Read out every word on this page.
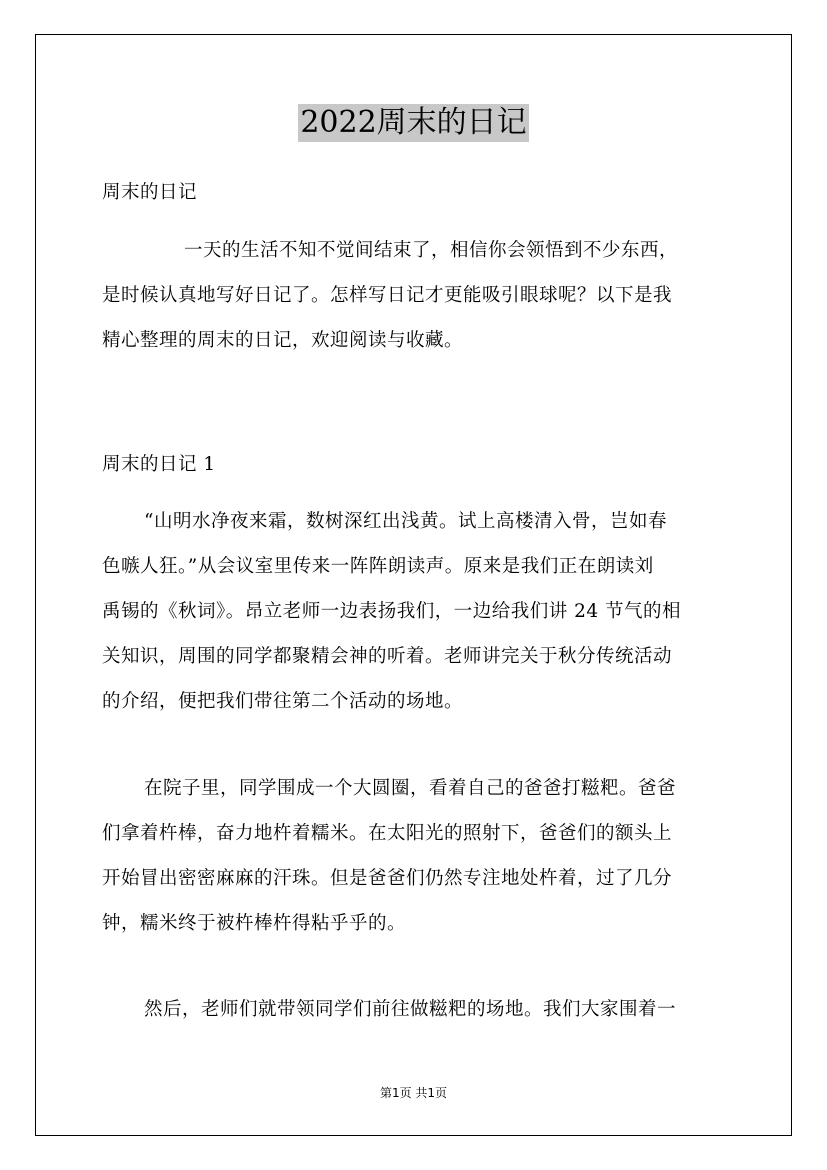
2022周末的日记
周末的日记
一天的生活不知不觉间结束了，相信你会领悟到不少东西，
是时候认真地写好日记了。怎样写日记才更能吸引眼球呢？以下是我
精心整理的周末的日记，欢迎阅读与收藏。
周末的日记 1
“山明水净夜来霜，数树深红出浅黄。试上高楼清入骨，岂如春
色嗾人狂。”从会议室里传来一阵阵朗读声。原来是我们正在朗读刘
禹锡的《秋词》。昂立老师一边表扬我们，一边给我们讲 24 节气的相
关知识，周围的同学都聚精会神的听着。老师讲完关于秋分传统活动
的介绍，便把我们带往第二个活动的场地。
在院子里，同学围成一个大圆圈，看着自己的爸爸打糍粑。爸爸
们拿着杵棒，奋力地杵着糯米。在太阳光的照射下，爸爸们的额头上
开始冒出密密麻麻的汗珠。但是爸爸们仍然专注地处杵着，过了几分
钟，糯米终于被杵棒杵得粘乎乎的。
然后，老师们就带领同学们前往做糍粑的场地。我们大家围着一
第1页 共1页
